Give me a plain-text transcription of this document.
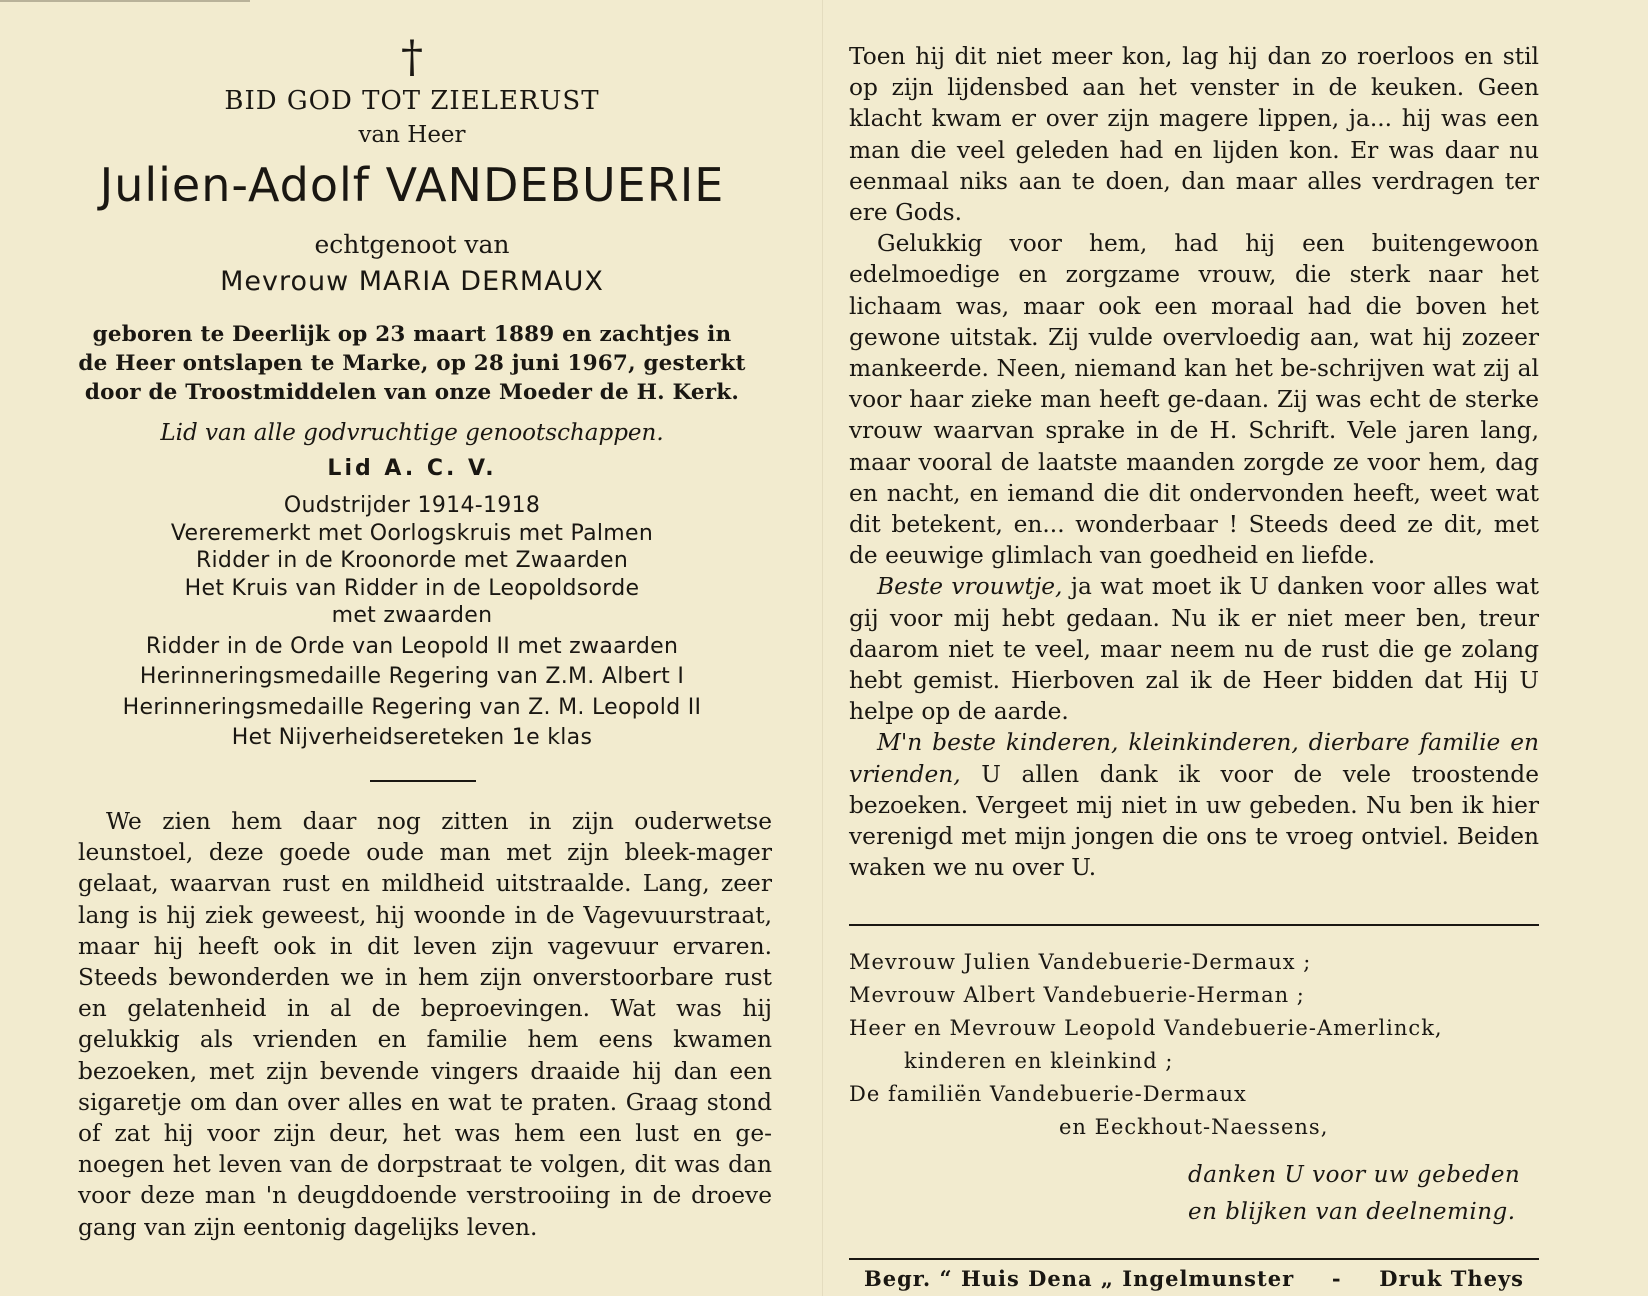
†
BID GOD TOT ZIELERUST
van Heer
Julien-Adolf VANDEBUERIE
echtgenoot van
Mevrouw MARIA DERMAUX
geboren te Deerlijk op 23 maart 1889 en zachtjes in
de Heer ontslapen te Marke, op 28 juni 1967, gesterkt
door de Troostmiddelen van onze Moeder de H. Kerk.
Lid van alle godvruchtige genootschappen.
Lid A. C. V.
Oudstrijder 1914-1918
Vereremerkt met Oorlogskruis met Palmen
Ridder in de Kroonorde met Zwaarden
Het Kruis van Ridder in de Leopoldsorde
met zwaarden
Ridder in de Orde van Leopold II met zwaarden
Herinneringsmedaille Regering van Z.M. Albert I
Herinneringsmedaille Regering van Z. M. Leopold II
Het Nijverheidsereteken 1e klas
We zien hem daar nog zitten in zijn ouderwetse leunstoel, deze goede oude man met zijn bleek-mager gelaat, waarvan rust en mildheid uitstraalde. Lang, zeer lang is hij ziek geweest, hij woonde in de Vagevuurstraat, maar hij heeft ook in dit leven zijn vagevuur ervaren. Steeds bewonderden we in hem zijn onverstoorbare rust en gelatenheid in al de beproevingen. Wat was hij gelukkig als vrienden en familie hem eens kwamen bezoeken, met zijn bevende vingers draaide hij dan een sigaretje om dan over alles en wat te praten. Graag stond of zat hij voor zijn deur, het was hem een lust en ge-noegen het leven van de dorpstraat te volgen, dit was dan voor deze man 'n deugddoende verstrooiing in de droeve gang van zijn eentonig dagelijks leven.

Toen hij dit niet meer kon, lag hij dan zo roerloos en stil op zijn lijdensbed aan het venster in de keuken. Geen klacht kwam er over zijn magere lippen, ja... hij was een man die veel geleden had en lijden kon. Er was daar nu eenmaal niks aan te doen, dan maar alles verdragen ter ere Gods.

Gelukkig voor hem, had hij een buitengewoon edelmoedige en zorgzame vrouw, die sterk naar het lichaam was, maar ook een moraal had die boven het gewone uitstak. Zij vulde overvloedig aan, wat hij zozeer mankeerde. Neen, niemand kan het be-schrijven wat zij al voor haar zieke man heeft ge-daan. Zij was echt de sterke vrouw waarvan sprake in de H. Schrift. Vele jaren lang, maar vooral de laatste maanden zorgde ze voor hem, dag en nacht, en iemand die dit ondervonden heeft, weet wat dit betekent, en... wonderbaar ! Steeds deed ze dit, met de eeuwige glimlach van goedheid en liefde.

Beste vrouwtje, ja wat moet ik U danken voor alles wat gij voor mij hebt gedaan. Nu ik er niet meer ben, treur daarom niet te veel, maar neem nu de rust die ge zolang hebt gemist. Hierboven zal ik de Heer bidden dat Hij U helpe op de aarde.

M'n beste kinderen, kleinkinderen, dierbare familie en vrienden, U allen dank ik voor de vele troostende bezoeken. Vergeet mij niet in uw gebeden. Nu ben ik hier verenigd met mijn jongen die ons te vroeg ontviel. Beiden waken we nu over U.

Mevrouw Julien Vandebuerie-Dermaux ;
Mevrouw Albert Vandebuerie-Herman ;
Heer en Mevrouw Leopold Vandebuerie-Amerlinck,
kinderen en kleinkind ;
De familiën Vandebuerie-Dermaux
en Eeckhout-Naessens,
danken U voor uw gebeden
en blijken van deelneming.
Begr. “ Huis Dena „ Ingelmunster - Druk Theys
